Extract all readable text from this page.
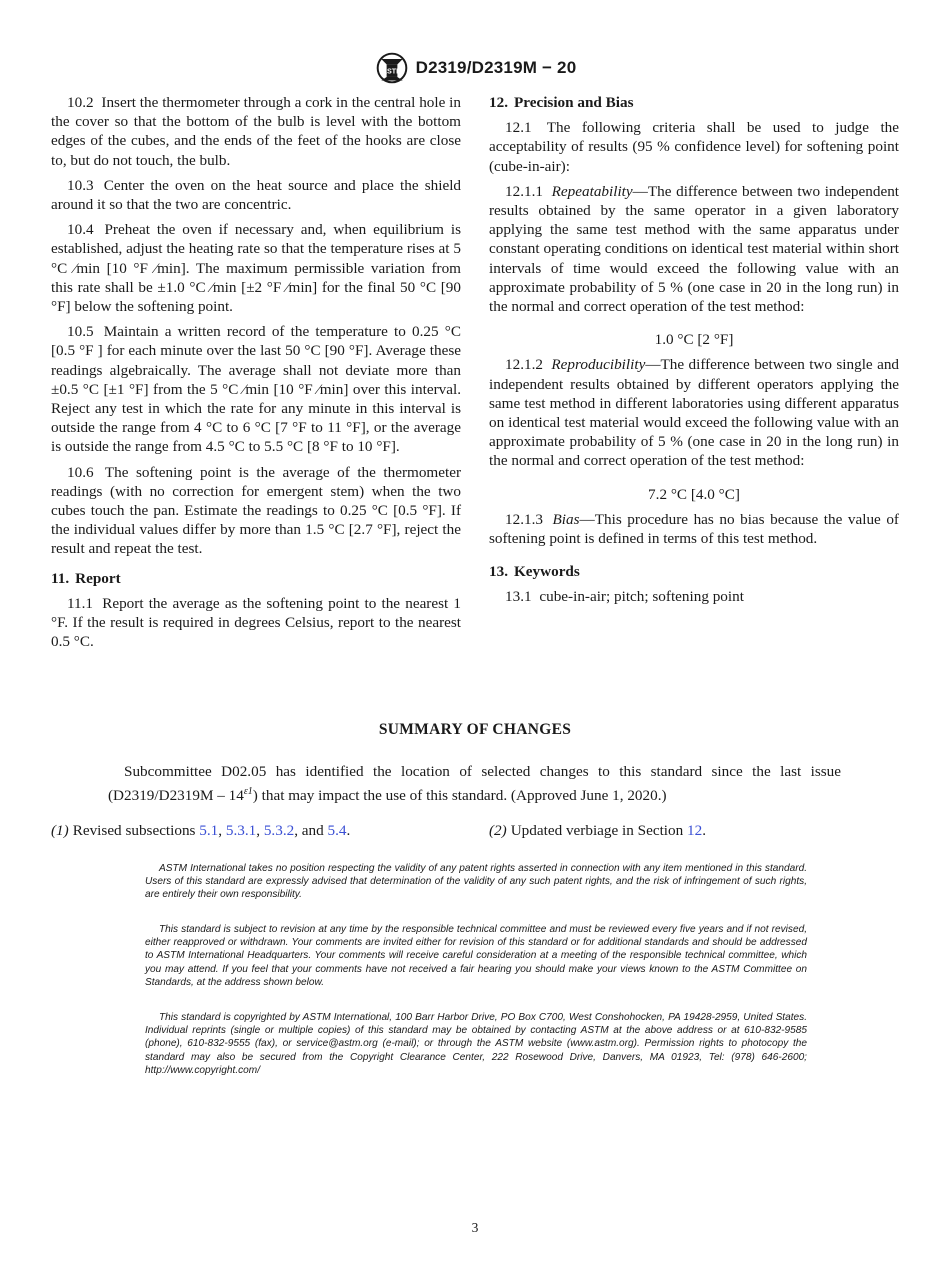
ASTM D2319/D2319M − 20

10.2 Insert the thermometer through a cork in the central hole in the cover so that the bottom of the bulb is level with the bottom edges of the cubes, and the ends of the feet of the hooks are close to, but do not touch, the bulb.

10.3 Center the oven on the heat source and place the shield around it so that the two are concentric.

10.4 Preheat the oven if necessary and, when equilibrium is established, adjust the heating rate so that the temperature rises at 5 °C ⁄min [10 °F ⁄min]. The maximum permissible variation from this rate shall be ±1.0 °C ⁄min [±2 °F ⁄min] for the final 50 °C [90 °F] below the softening point.

10.5 Maintain a written record of the temperature to 0.25 °C [0.5 °F ] for each minute over the last 50 °C [90 °F]. Average these readings algebraically. The average shall not deviate more than ±0.5 °C [±1 °F] from the 5 °C ⁄min [10 °F ⁄min] over this interval. Reject any test in which the rate for any minute in this interval is outside the range from 4 °C to 6 °C [7 °F to 11 °F], or the average is outside the range from 4.5 °C to 5.5 °C [8 °F to 10 °F].

10.6 The softening point is the average of the thermometer readings (with no correction for emergent stem) when the two cubes touch the pan. Estimate the readings to 0.25 °C [0.5 °F]. If the individual values differ by more than 1.5 °C [2.7 °F], reject the result and repeat the test.

11. Report

11.1 Report the average as the softening point to the nearest 1 °F. If the result is required in degrees Celsius, report to the nearest 0.5 °C.

12. Precision and Bias

12.1 The following criteria shall be used to judge the acceptability of results (95 % confidence level) for softening point (cube-in-air):

12.1.1 Repeatability—The difference between two independent results obtained by the same operator in a given laboratory applying the same test method with the same apparatus under constant operating conditions on identical test material within short intervals of time would exceed the following value with an approximate probability of 5 % (one case in 20 in the long run) in the normal and correct operation of the test method:

1.0 °C [2 °F]

12.1.2 Reproducibility—The difference between two single and independent results obtained by different operators applying the same test method in different laboratories using different apparatus on identical test material would exceed the following value with an approximate probability of 5 % (one case in 20 in the long run) in the normal and correct operation of the test method:

7.2 °C [4.0 °C]

12.1.3 Bias—This procedure has no bias because the value of softening point is defined in terms of this test method.

13. Keywords

13.1 cube-in-air; pitch; softening point

SUMMARY OF CHANGES

Subcommittee D02.05 has identified the location of selected changes to this standard since the last issue $(D2319/D2319M - 14^{\varepsilon 1})$ that may impact the use of this standard. (Approved June 1, 2020.)

(1) Revised subsections 5.1, 5.3.1, 5.3.2, and 5.4.	(2) Updated verbiage in Section 12.

ASTM International takes no position respecting the validity of any patent rights asserted in connection with any item mentioned in this standard. Users of this standard are expressly advised that determination of the validity of any such patent rights, and the risk of infringement of such rights, are entirely their own responsibility.

This standard is subject to revision at any time by the responsible technical committee and must be reviewed every five years and if not revised, either reapproved or withdrawn. Your comments are invited either for revision of this standard or for additional standards and should be addressed to ASTM International Headquarters. Your comments will receive careful consideration at a meeting of the responsible technical committee, which you may attend. If you feel that your comments have not received a fair hearing you should make your views known to the ASTM Committee on Standards, at the address shown below.

This standard is copyrighted by ASTM International, 100 Barr Harbor Drive, PO Box C700, West Conshohocken, PA 19428-2959, United States. Individual reprints (single or multiple copies) of this standard may be obtained by contacting ASTM at the above address or at 610-832-9585 (phone), 610-832-9555 (fax), or service@astm.org (e-mail); or through the ASTM website (www.astm.org). Permission rights to photocopy the standard may also be secured from the Copyright Clearance Center, 222 Rosewood Drive, Danvers, MA 01923, Tel: (978) 646-2600; http://www.copyright.com/

3
